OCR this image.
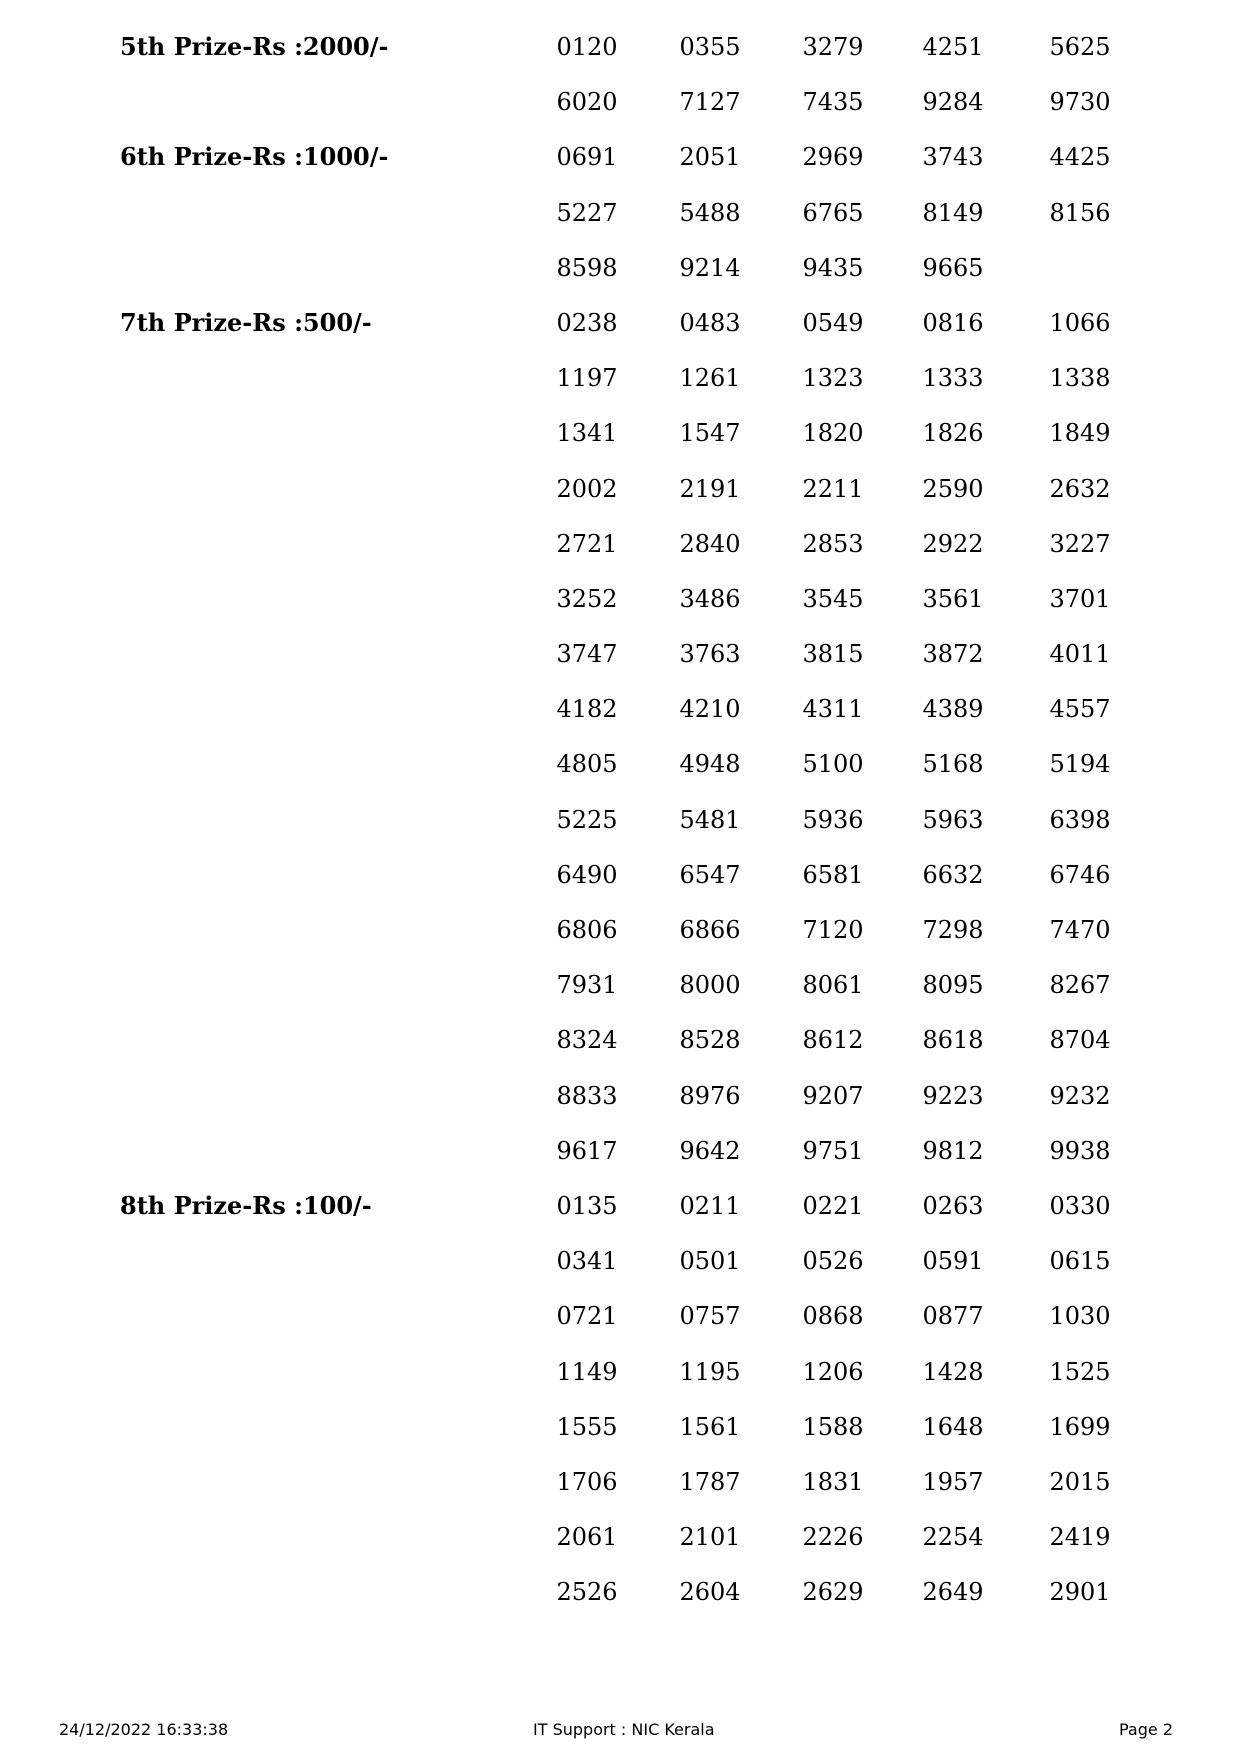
5th Prize-Rs :2000/-	0120	0355	3279	4251	5625
6020	7127	7435	9284	9730
6th Prize-Rs :1000/-	0691	2051	2969	3743	4425
5227	5488	6765	8149	8156
8598	9214	9435	9665
7th Prize-Rs :500/-	0238	0483	0549	0816	1066
1197	1261	1323	1333	1338
1341	1547	1820	1826	1849
2002	2191	2211	2590	2632
2721	2840	2853	2922	3227
3252	3486	3545	3561	3701
3747	3763	3815	3872	4011
4182	4210	4311	4389	4557
4805	4948	5100	5168	5194
5225	5481	5936	5963	6398
6490	6547	6581	6632	6746
6806	6866	7120	7298	7470
7931	8000	8061	8095	8267
8324	8528	8612	8618	8704
8833	8976	9207	9223	9232
9617	9642	9751	9812	9938
8th Prize-Rs :100/-	0135	0211	0221	0263	0330
0341	0501	0526	0591	0615
0721	0757	0868	0877	1030
1149	1195	1206	1428	1525
1555	1561	1588	1648	1699
1706	1787	1831	1957	2015
2061	2101	2226	2254	2419
2526	2604	2629	2649	2901
24/12/2022 16:33:38	IT Support : NIC Kerala	Page 2
